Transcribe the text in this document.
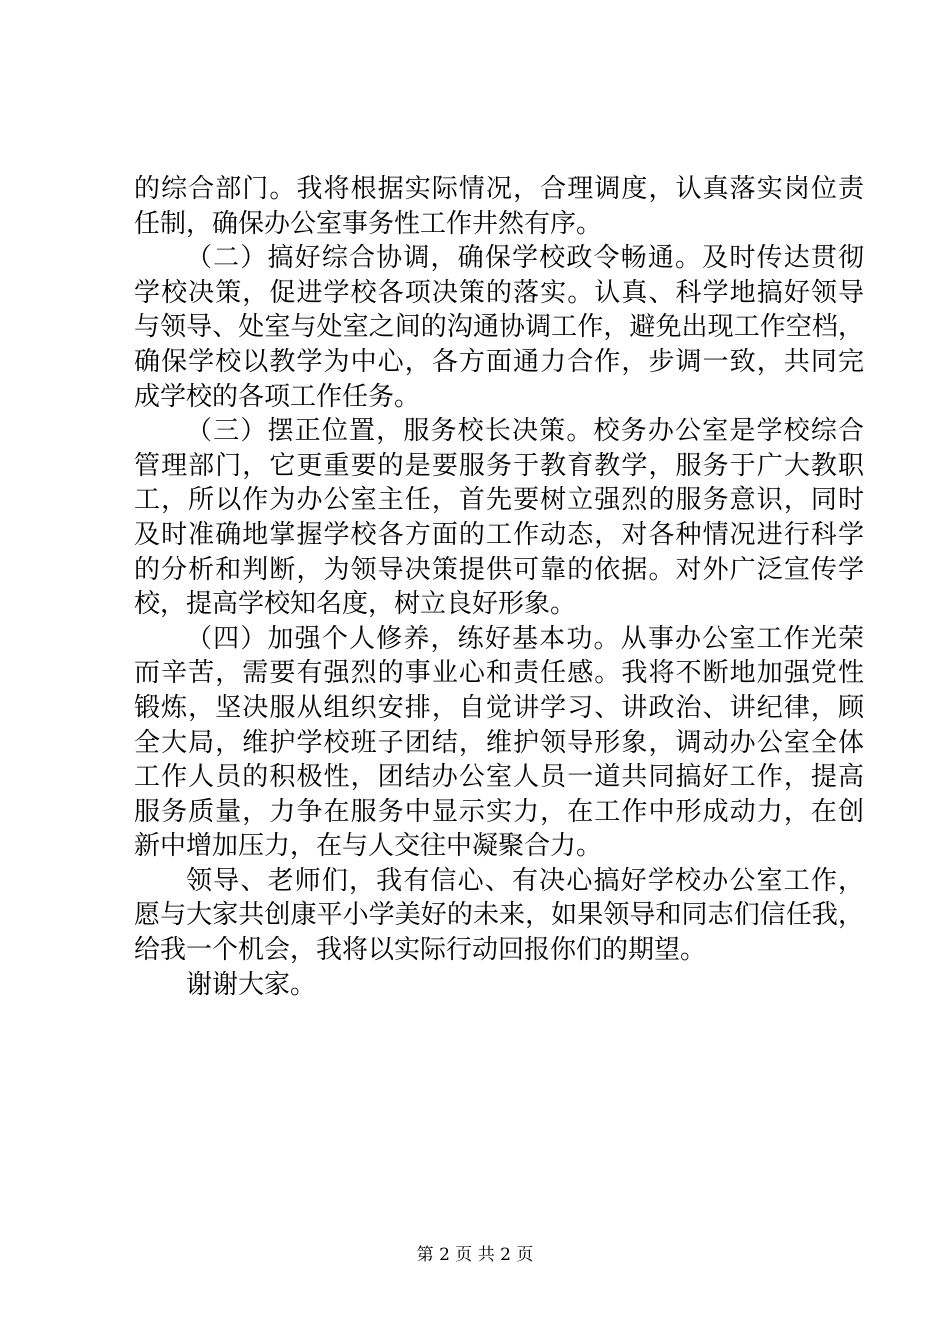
的综合部门。我将根据实际情况，合理调度，认真落实岗位责
任制，确保办公室事务性工作井然有序。
（二）搞好综合协调，确保学校政令畅通。及时传达贯彻
学校决策，促进学校各项决策的落实。认真、科学地搞好领导
与领导、处室与处室之间的沟通协调工作，避免出现工作空档，
确保学校以教学为中心，各方面通力合作，步调一致，共同完
成学校的各项工作任务。
（三）摆正位置，服务校长决策。校务办公室是学校综合
管理部门，它更重要的是要服务于教育教学，服务于广大教职
工，所以作为办公室主任，首先要树立强烈的服务意识，同时
及时准确地掌握学校各方面的工作动态，对各种情况进行科学
的分析和判断，为领导决策提供可靠的依据。对外广泛宣传学
校，提高学校知名度，树立良好形象。
（四）加强个人修养，练好基本功。从事办公室工作光荣
而辛苦，需要有强烈的事业心和责任感。我将不断地加强党性
锻炼，坚决服从组织安排，自觉讲学习、讲政治、讲纪律，顾
全大局，维护学校班子团结，维护领导形象，调动办公室全体
工作人员的积极性，团结办公室人员一道共同搞好工作，提高
服务质量，力争在服务中显示实力，在工作中形成动力，在创
新中增加压力，在与人交往中凝聚合力。
领导、老师们，我有信心、有决心搞好学校办公室工作，
愿与大家共创康平小学美好的未来，如果领导和同志们信任我，
给我一个机会，我将以实际行动回报你们的期望。
谢谢大家。
第 2 页 共 2 页
